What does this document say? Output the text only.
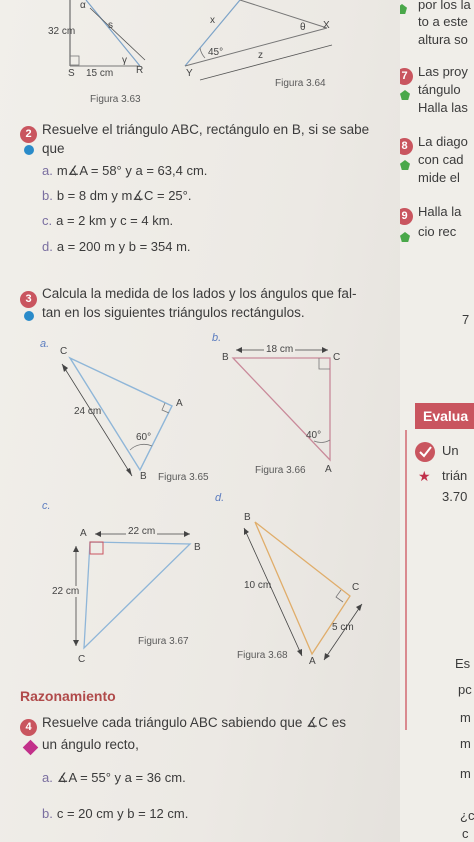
α
32 cm
s
γ
S 15 cm R
Figura 3.63
x
θ X
45°	z
Y
Figura 3.64
2 Resuelve el triángulo ABC, rectángulo en B, si se sabe
que
a. m∡A = 58° y a = 63,4 cm.
b. b = 8 dm y m∡C = 25°.
c. a = 2 km y c = 4 km.
d. a = 200 m y b = 354 m.
3 Calcula la medida de los lados y los ángulos que fal-
tan en los siguientes triángulos rectángulos.
a.
C
A
B
24 cm
60°
Figura 3.65
b.
B	C
A
18 cm
40°
Figura 3.66
c.
A
B
C
22 cm
22 cm
Figura 3.67
d.
B
C
A
10 cm
5 cm
Figura 3.68
Razonamiento
4 Resuelve cada triángulo ABC sabiendo que ∡C es
un ángulo recto,
a. ∡A = 55° y a = 36 cm.
b. c = 20 cm y b = 12 cm.
por los la
to a este
altura so
7 Las proy
tángulo
Halla las
8 La diago
con cad
mide el
9 Halla la
cio rec
7
Evalua
Un
★ trián
3.70
Es
pc
m
m
m
¿c
c
